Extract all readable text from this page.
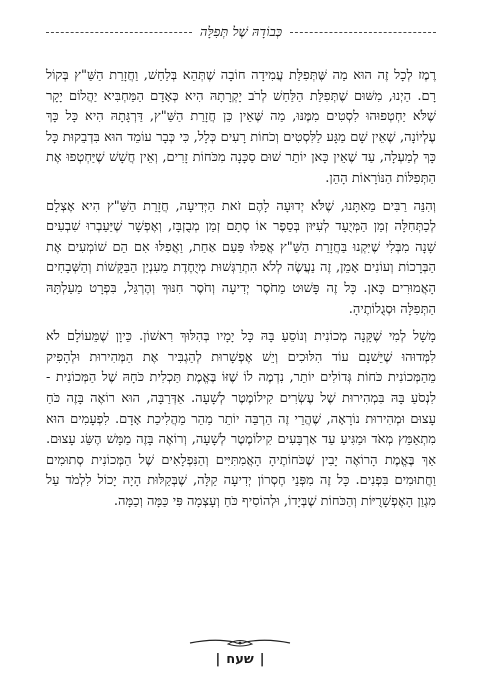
כְּבוֹדָהּ שֶׁל תְּפִלָּה

רֶמֶז לְכָל זֶה הוּא מַה שֶּׁתְּפִלַּת עֲמִידָה חוֹבָה שֶׁתְּהֵא בְּלַחַשׁ, וַחֲזָרַת הַשַּׁ"ץ בְּקוֹל רָם. הַיְנוּ, מִשּׁוּם שֶׁתְּפִלַּת הַלַּחַשׁ לְרֹב יָקְרָתָהּ הִיא כְּאָדָם הַמַּחְבִּיא יַהֲלוֹם יָקָר שֶׁלֹּא יַחְטְפוּהוּ לִסְטִים מִמֶּנּוּ, מַה שֶּׁאֵין כֵּן חֲזָרַת הַשַּׁ"ץ, דַּרְגָּתָהּ הִיא כָּל כָּךְ עֶלְיוֹנָה, שֶׁאֵין שָׁם מַגָּע לַלִּסְטִים וְכֹחוֹת רָעִים כְּלָל, כִּי כְּבָר עוֹמֵד הוּא בִּדְבֵקוּת כָּל כָּךְ לְמַעְלָה, עַד שֶׁאֵין כָּאן יוֹתֵר שׁוּם סַכָּנָה מִכֹּחוֹת זָרִים, וְאֵין חֲשָׁשׁ שֶׁיַּחְטְפוּ אֶת הַתְּפִלּוֹת הַנּוֹרָאוֹת הָהֵן.

וְהִנֵּה רַבִּים מֵאִתָּנוּ, שֶׁלֹּא יְדוּעָה לָהֶם זֹאת הַיְּדִיעָה, חֲזָרַת הַשַּׁ"ץ הִיא אֶצְלָם לְכַתְּחִלָּה זְמַן הַמְּיֻעָד לְעִיּוּן בְּסֵפֶר אוֹ סְתָם זְמַן מְבֻזְבָּז, וְאֶפְשָׁר שֶׁיַּעַבְרוּ שִׁבְעִים שָׁנָה מִבְּלִי שֶׁיִּקְנוּ בַּחֲזָרַת הַשַּׁ"ץ אֲפִלּוּ פַּעַם אַחַת, וַאֲפִלּוּ אִם הֵם שׁוֹמְעִים אֶת הַבְּרָכוֹת וְעוֹנִים אָמֵן, זֶה נַעֲשֶׂה לְלֹא הִתְרַגְּשׁוּת מְיֻחֶדֶת מֵעִנְיַן הַבַּקָּשׁוֹת וְהַשְּׁבָחִים הָאֲמוּרִים כָּאן. כָּל זֶה פָּשׁוּט מֵחֹסֶר יְדִיעָה וְחֹסֶר חִנּוּךְ וְהֶרְגֵּל, בִּפְרָט מַעַלְתָּהּ הַתְּפִלָּה וּסְגֻלוֹתֶיהָ.

מָשָׁל לְמִי שֶׁקָּנָה מְכוֹנִית וְנוֹסֵעַ בָּהּ כָּל יָמָיו בְּהִלּוּךְ רִאשׁוֹן. כֵּיוָן שֶׁמֵּעוֹלָם לֹא לִמְּדוּהוּ שֶׁיֵּשׁנָם עוֹד הִלּוּכִים וְיֵשׁ אֶפְשָׁרוּת לְהַגְבִּיר אֶת הַמְּהִירוּת וּלְהָפִיק מֵהַמְּכוֹנִית כֹּחוֹת גְּדוֹלִים יוֹתֵר, נִדְמֶה לוֹ שֶׁזּוֹ בֶּאֱמֶת תַּכְלִית כֹּחָהּ שֶׁל הַמְּכוֹנִית - לִנְסֹעַ בָּהּ בִּמְהִירוּת שֶׁל עֶשְׂרִים קִילוֹמֶטֶר לְשָׁעָה. אַדְּרַבָּה, הוּא רוֹאֶה בָּזֶה כֹּחַ עָצוּם וּמְהִירוּת נוֹרָאָה, שֶׁהֲרֵי זֶה הַרְבֵּה יוֹתֵר מַהֵר מֵהֲלִיכַת אָדָם. לִפְעָמִים הוּא מִתְאַמֵּץ מְאֹד וּמַגִּיעַ עַד אַרְבָּעִים קִילוֹמֶטֶר לְשָׁעָה, וְרוֹאֶה בָּזֶה מַמָּשׁ הֶשֵּׂג עָצוּם. אַךְ בֶּאֱמֶת הָרוֹאֶה יָבִין שֶׁכֹּחוֹתֶיהָ הָאֲמִתִּיִּים וְהַנִּפְלָאִים שֶׁל הַמְּכוֹנִית סְתוּמִים וַחֲתוּמִים בִּפְנִים. כָּל זֶה מִפְּנֵי חֶסְרוֹן יְדִיעָה קַלָּה, שֶׁבְּקַלּוּת הָיָה יָכוֹל לִלְמֹד עַל מִגְוַן הָאֶפְשָׁרֻיּוֹת וְהַכֹּחוֹת שֶׁבְּיָדוֹ, וּלְהוֹסִיף כֹּחַ וְעָצְמָה פִּי כַּמָּה וְכַמָּה.

|שעח|
